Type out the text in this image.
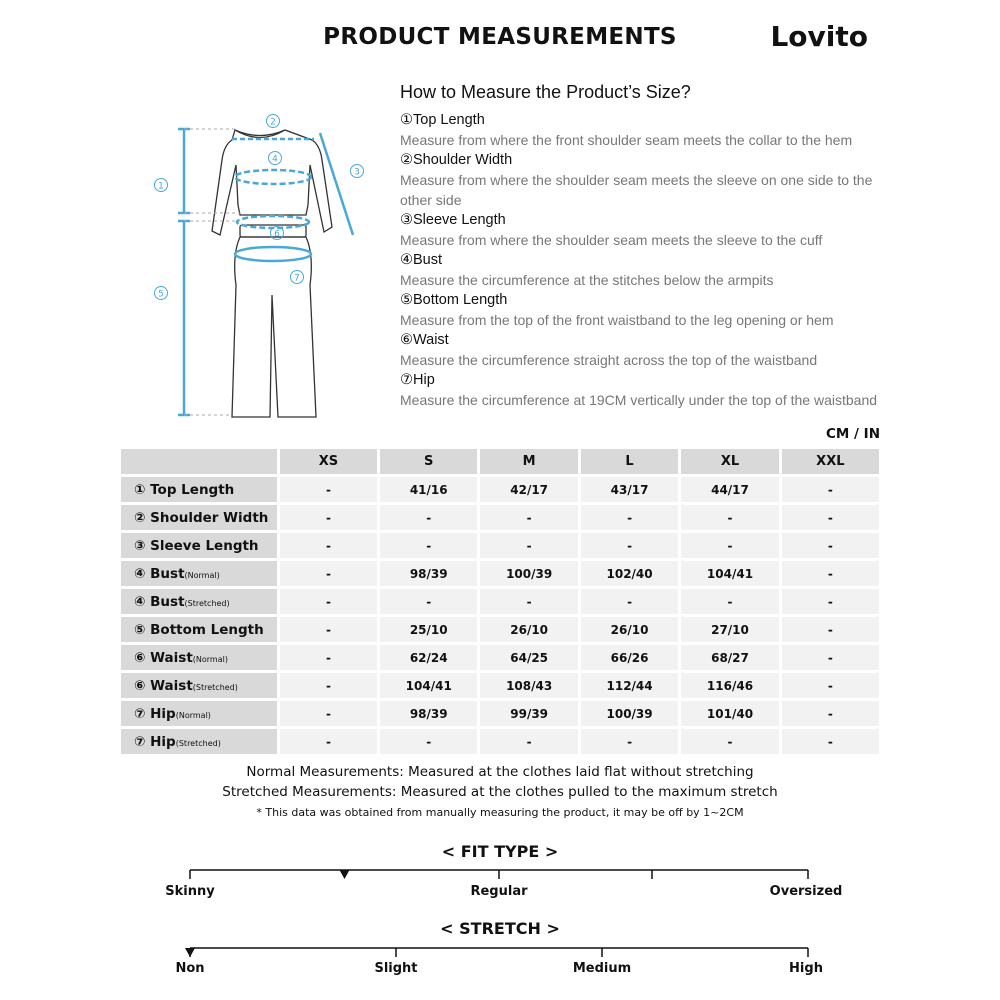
PRODUCT MEASUREMENTS	Lovito
1
2
3
4
5
6
7
How to Measure the Product’s Size?
①Top Length
Measure from where the front shoulder seam meets the collar to the hem
②Shoulder Width
Measure from where the shoulder seam meets the sleeve on one side to the other side
③Sleeve Length
Measure from where the shoulder seam meets the sleeve to the cuff
④Bust
Measure the circumference at the stitches below the armpits
⑤Bottom Length
Measure from the top of the front waistband to the leg opening or hem
⑥Waist
Measure the circumference straight across the top of the waistband
⑦Hip
Measure the circumference at 19CM vertically under the top of the waistband
CM / IN
	XS	S	M	L	XL	XXL
① Top Length	-	41/16	42/17	43/17	44/17	-
② Shoulder Width	-	-	-	-	-	-
③ Sleeve Length	-	-	-	-	-	-
④ Bust(Normal)	-	98/39	100/39	102/40	104/41	-
④ Bust(Stretched)	-	-	-	-	-	-
⑤ Bottom Length	-	25/10	26/10	26/10	27/10	-
⑥ Waist(Normal)	-	62/24	64/25	66/26	68/27	-
⑥ Waist(Stretched)	-	104/41	108/43	112/44	116/46	-
⑦ Hip(Normal)	-	98/39	99/39	100/39	101/40	-
⑦ Hip(Stretched)	-	-	-	-	-	-
Normal Measurements: Measured at the clothes laid flat without stretching
Stretched Measurements: Measured at the clothes pulled to the maximum stretch
* This data was obtained from manually measuring the product, it may be off by 1~2CM
< FIT TYPE >
Skinny	Regular	Oversized
< STRETCH >
Non	Slight	Medium	High
